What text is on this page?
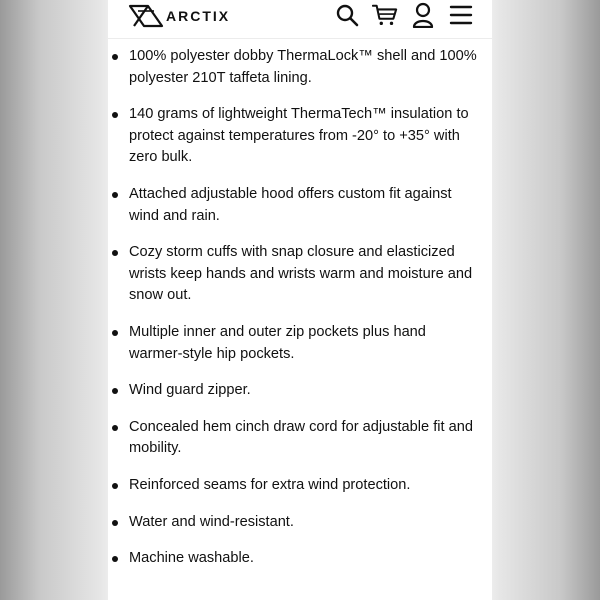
ARCTIX
100% polyester dobby ThermaLock™ shell and 100% polyester 210T taffeta lining.
140 grams of lightweight ThermaTech™ insulation to protect against temperatures from -20° to +35° with zero bulk.
Attached adjustable hood offers custom fit against wind and rain.
Cozy storm cuffs with snap closure and elasticized wrists keep hands and wrists warm and moisture and snow out.
Multiple inner and outer zip pockets plus hand warmer-style hip pockets.
Wind guard zipper.
Concealed hem cinch draw cord for adjustable fit and mobility.
Reinforced seams for extra wind protection.
Water and wind-resistant.
Machine washable.
